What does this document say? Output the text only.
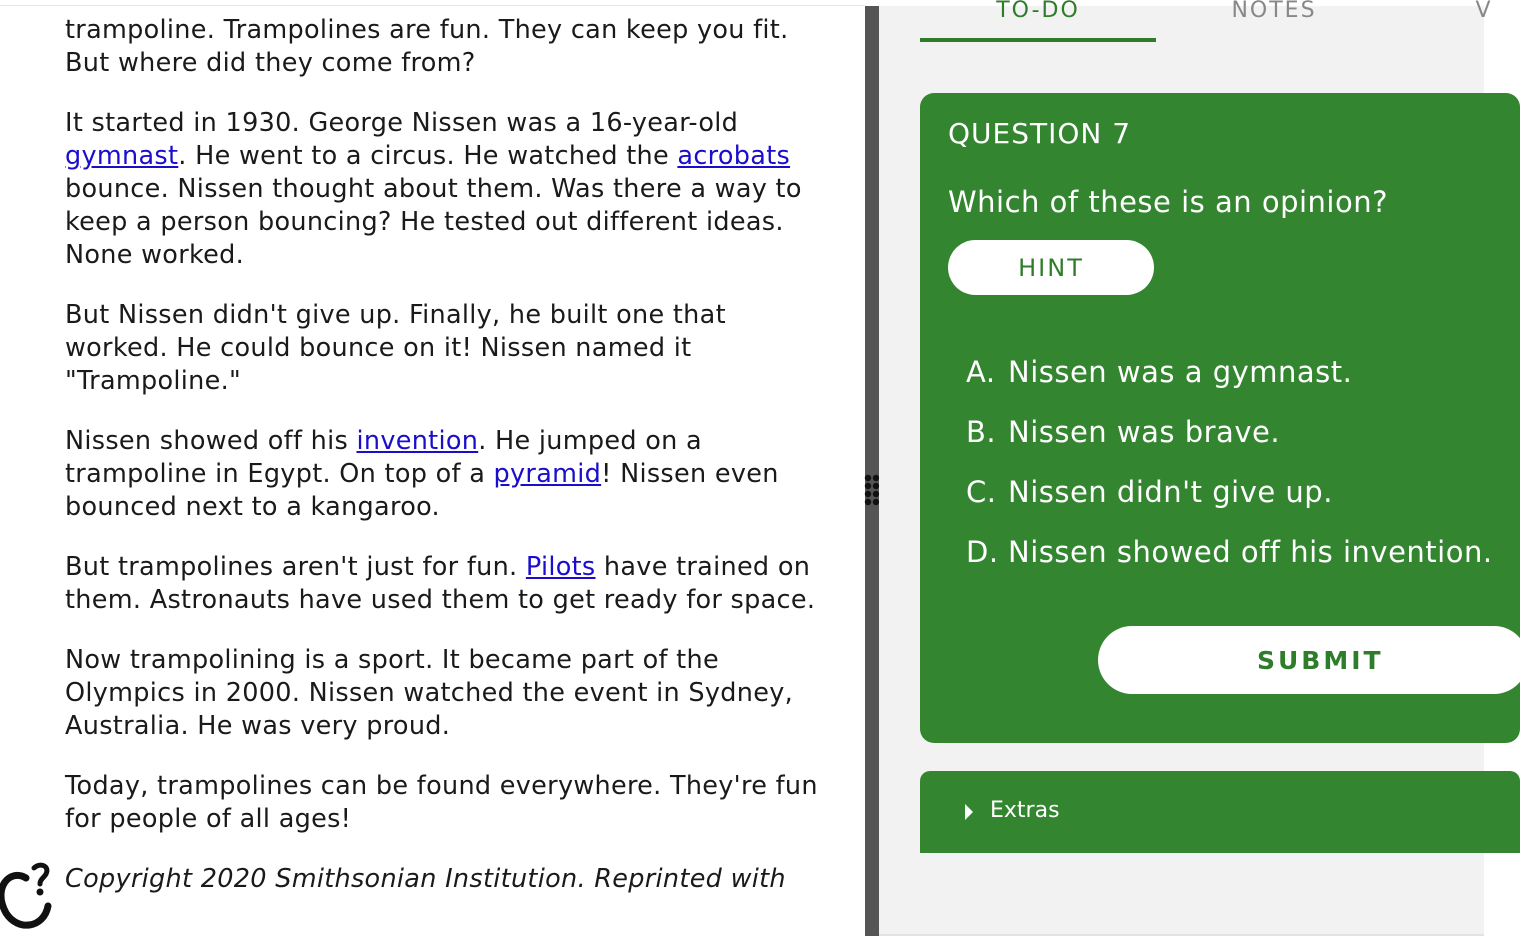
trampoline. Trampolines are fun. They can keep you fit. But where did they come from?

It started in 1930. George Nissen was a 16-year-old gymnast. He went to a circus. He watched the acrobats bounce. Nissen thought about them. Was there a way to keep a person bouncing? He tested out different ideas. None worked.

But Nissen didn't give up. Finally, he built one that worked. He could bounce on it! Nissen named it "Trampoline."

Nissen showed off his invention. He jumped on a trampoline in Egypt. On top of a pyramid! Nissen even bounced next to a kangaroo.

But trampolines aren't just for fun. Pilots have trained on them. Astronauts have used them to get ready for space.

Now trampolining is a sport. It became part of the Olympics in 2000. Nissen watched the event in Sydney, Australia. He was very proud.

Today, trampolines can be found everywhere. They're fun for people of all ages!

Copyright 2020 Smithsonian Institution. Reprinted with

TO-DO	NOTES	V
QUESTION 7
Which of these is an opinion?
HINT
A. Nissen was a gymnast.
B. Nissen was brave.
C. Nissen didn't give up.
D. Nissen showed off his invention.
SUBMIT
Extras
